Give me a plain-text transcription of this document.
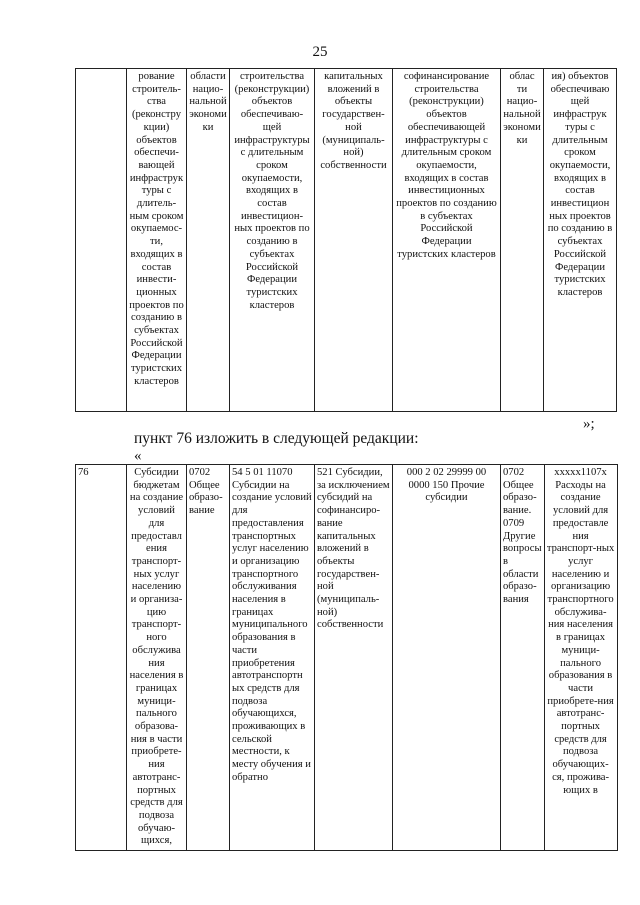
25
	рование строитель-ства (реконстру кции) объектов обеспечи-вающей инфраструк туры с длитель-ным сроком окупаемос-ти, входящих в состав инвести-ционных проектов по созданию в субъектах Российской Федерации туристских кластеров	области нацио-нальной экономи ки	строительства (реконструкции) объектов обеспечиваю-щей инфраструктуры с длительным сроком окупаемости, входящих в состав инвестицион-ных проектов по созданию в субъектах Российской Федерации туристских кластеров	капитальных вложений в объекты государствен-ной (муниципаль-ной) собственности	софинансирование строительства (реконструкции) объектов обеспечивающей инфраструктуры с длительным сроком окупаемости, входящих в состав инвестиционных проектов по созданию в субъектах Российской Федерации туристских кластеров	облас ти нацио-нальной экономи ки	ия) объектов обеспечиваю щей инфраструк туры с длительным сроком окупаемости, входящих в состав инвестицион ных проектов по созданию в субъектах Российской Федерации туристских кластеров
»;
пункт 76 изложить в следующей редакции:
«
76	Субсидии бюджетам на создание условий для предоставл ения транспорт-ных услуг населению и организа-цию транспорт-ного обслужива ния населения в границах муници-пального образова-ния в части приобрете-ния автотранс-портных средств для подвоза обучаю-щихся,	0702 Общее образо-вание	54 5 01 11070 Субсидии на создание условий для предоставления транспортных услуг населению и организацию транспортного обслуживания населения в границах муниципального образования в части приобретения автотранспортн ых средств для подвоза обучающихся, проживающих в сельской местности, к месту обучения и обратно	521 Субсидии, за исключением субсидий на софинансиро-вание капитальных вложений в объекты государствен-ной (муниципаль-ной) собственности	000 2 02 29999 00 0000 150 Прочие субсидии	0702 Общее образо-вание. 0709 Другие вопросы в области образо-вания	xxxxx1107x Расходы на создание условий для предоставле ния транспорт-ных услуг населению и организацию транспортного обслужива-ния населения в границах муници-пального образования в части приобрете-ния автотранс-портных средств для подвоза обучающих-ся, прожива-ющих в
